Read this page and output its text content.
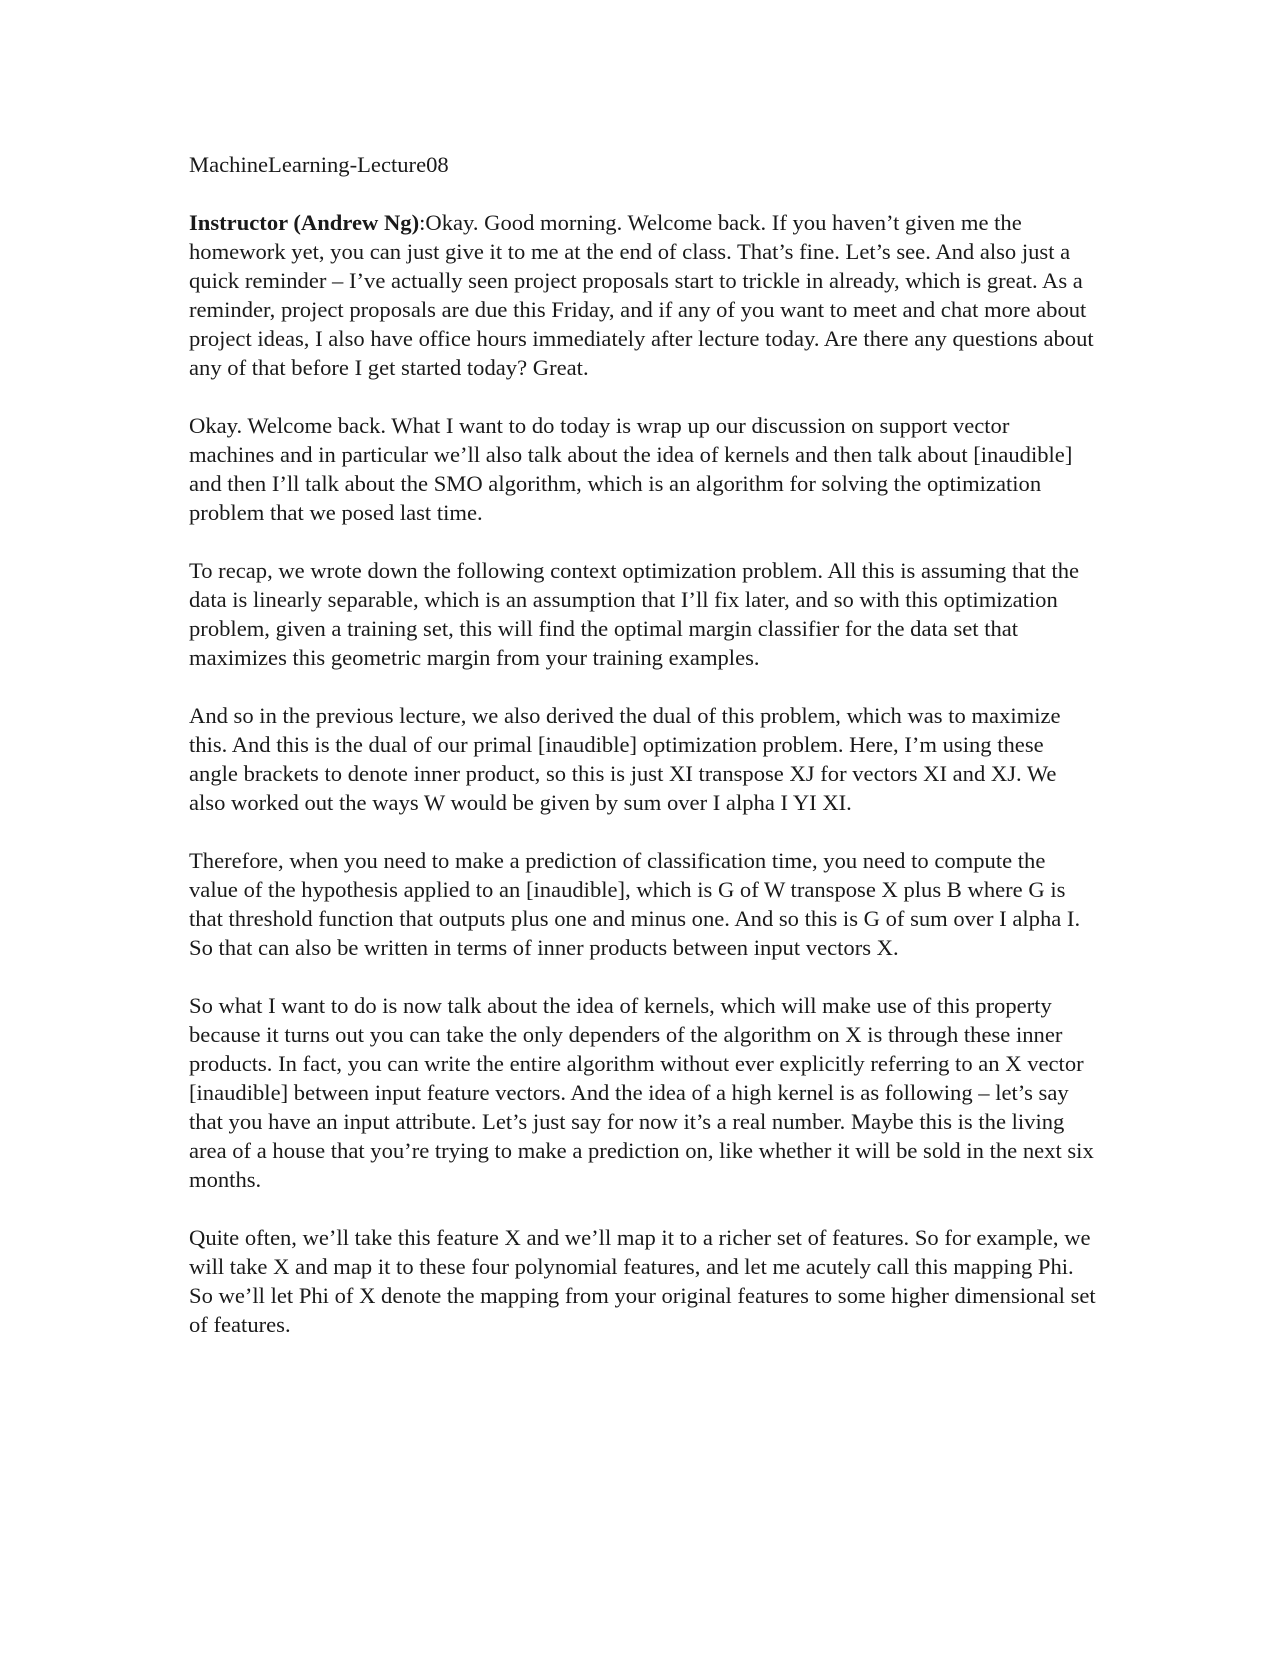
MachineLearning-Lecture08

Instructor (Andrew Ng):Okay. Good morning. Welcome back. If you haven’t given me the homework yet, you can just give it to me at the end of class. That’s fine. Let’s see. And also just a quick reminder – I’ve actually seen project proposals start to trickle in already, which is great. As a reminder, project proposals are due this Friday, and if any of you want to meet and chat more about project ideas, I also have office hours immediately after lecture today. Are there any questions about any of that before I get started today? Great.

Okay. Welcome back. What I want to do today is wrap up our discussion on support vector machines and in particular we’ll also talk about the idea of kernels and then talk about [inaudible] and then I’ll talk about the SMO algorithm, which is an algorithm for solving the optimization problem that we posed last time.

To recap, we wrote down the following context optimization problem. All this is assuming that the data is linearly separable, which is an assumption that I’ll fix later, and so with this optimization problem, given a training set, this will find the optimal margin classifier for the data set that maximizes this geometric margin from your training examples.

And so in the previous lecture, we also derived the dual of this problem, which was to maximize this. And this is the dual of our primal [inaudible] optimization problem. Here, I’m using these angle brackets to denote inner product, so this is just XI transpose XJ for vectors XI and XJ. We also worked out the ways W would be given by sum over I alpha I YI XI.

Therefore, when you need to make a prediction of classification time, you need to compute the value of the hypothesis applied to an [inaudible], which is G of W transpose X plus B where G is that threshold function that outputs plus one and minus one. And so this is G of sum over I alpha I. So that can also be written in terms of inner products between input vectors X.

So what I want to do is now talk about the idea of kernels, which will make use of this property because it turns out you can take the only dependers of the algorithm on X is through these inner products. In fact, you can write the entire algorithm without ever explicitly referring to an X vector [inaudible] between input feature vectors. And the idea of a high kernel is as following – let’s say that you have an input attribute. Let’s just say for now it’s a real number. Maybe this is the living area of a house that you’re trying to make a prediction on, like whether it will be sold in the next six months.

Quite often, we’ll take this feature X and we’ll map it to a richer set of features. So for example, we will take X and map it to these four polynomial features, and let me acutely call this mapping Phi. So we’ll let Phi of X denote the mapping from your original features to some higher dimensional set of features.
